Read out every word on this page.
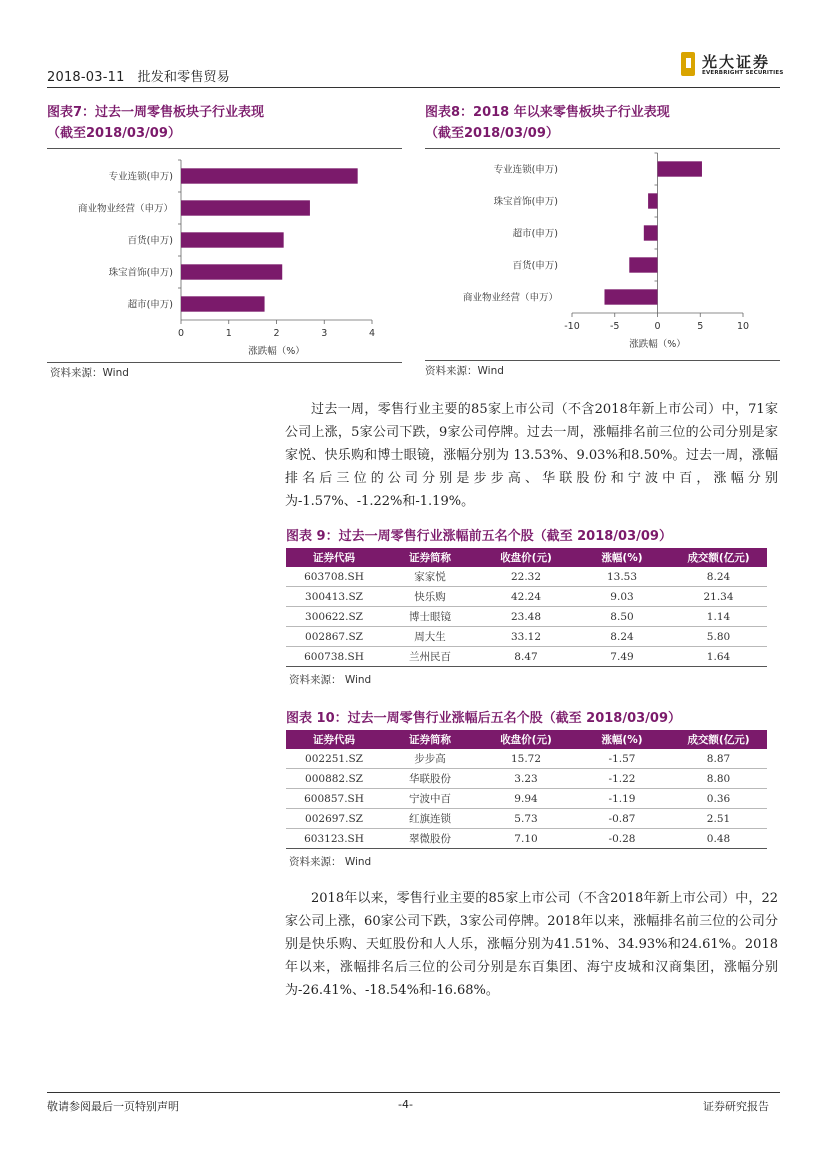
2018-03-11 批发和零售贸易
光大证券
EVERBRIGHT SECURITIES
图表7：过去一周零售板块子行业表现
（截至2018/03/09）
专业连锁(申万)
商业物业经营（申万）
百货(申万)
珠宝首饰(申万)
超市(申万)
0	1	2	3	4
涨跌幅（%）
资料来源：Wind
图表8：2018 年以来零售板块子行业表现
（截至2018/03/09）
专业连锁(申万)
珠宝首饰(申万)
超市(申万)
百货(申万)
商业物业经营（申万）
-10	-5	0	5	10
涨跌幅（%）
资料来源：Wind
过去一周，零售行业主要的85家上市公司（不含2018年新上市公司）中，71家公司上涨，5家公司下跌，9家公司停牌。过去一周，涨幅排名前三位的公司分别是家家悦、快乐购和博士眼镜，涨幅分别为 13.53%、9.03%和8.50%。过去一周，涨幅排名后三位的公司分别是步步高、华联股份和宁波中百，涨幅分别为-1.57%、-1.22%和-1.19%。
图表 9：过去一周零售行业涨幅前五名个股（截至 2018/03/09）
证券代码	证券简称	收盘价(元)	涨幅(%)	成交额(亿元)
603708.SH	家家悦	22.32	13.53	8.24
300413.SZ	快乐购	42.24	9.03	21.34
300622.SZ	博士眼镜	23.48	8.50	1.14
002867.SZ	周大生	33.12	8.24	5.80
600738.SH	兰州民百	8.47	7.49	1.64
资料来源： Wind
图表 10：过去一周零售行业涨幅后五名个股（截至 2018/03/09）
证券代码	证券简称	收盘价(元)	涨幅(%)	成交额(亿元)
002251.SZ	步步高	15.72	-1.57	8.87
000882.SZ	华联股份	3.23	-1.22	8.80
600857.SH	宁波中百	9.94	-1.19	0.36
002697.SZ	红旗连锁	5.73	-0.87	2.51
603123.SH	翠微股份	7.10	-0.28	0.48
资料来源： Wind
2018年以来，零售行业主要的85家上市公司（不含2018年新上市公司）中，22家公司上涨，60家公司下跌，3家公司停牌。2018年以来，涨幅排名前三位的公司分别是快乐购、天虹股份和人人乐，涨幅分别为41.51%、34.93%和24.61%。2018年以来，涨幅排名后三位的公司分别是东百集团、海宁皮城和汉商集团，涨幅分别为-26.41%、-18.54%和-16.68%。
敬请参阅最后一页特别声明	-4-	证券研究报告
